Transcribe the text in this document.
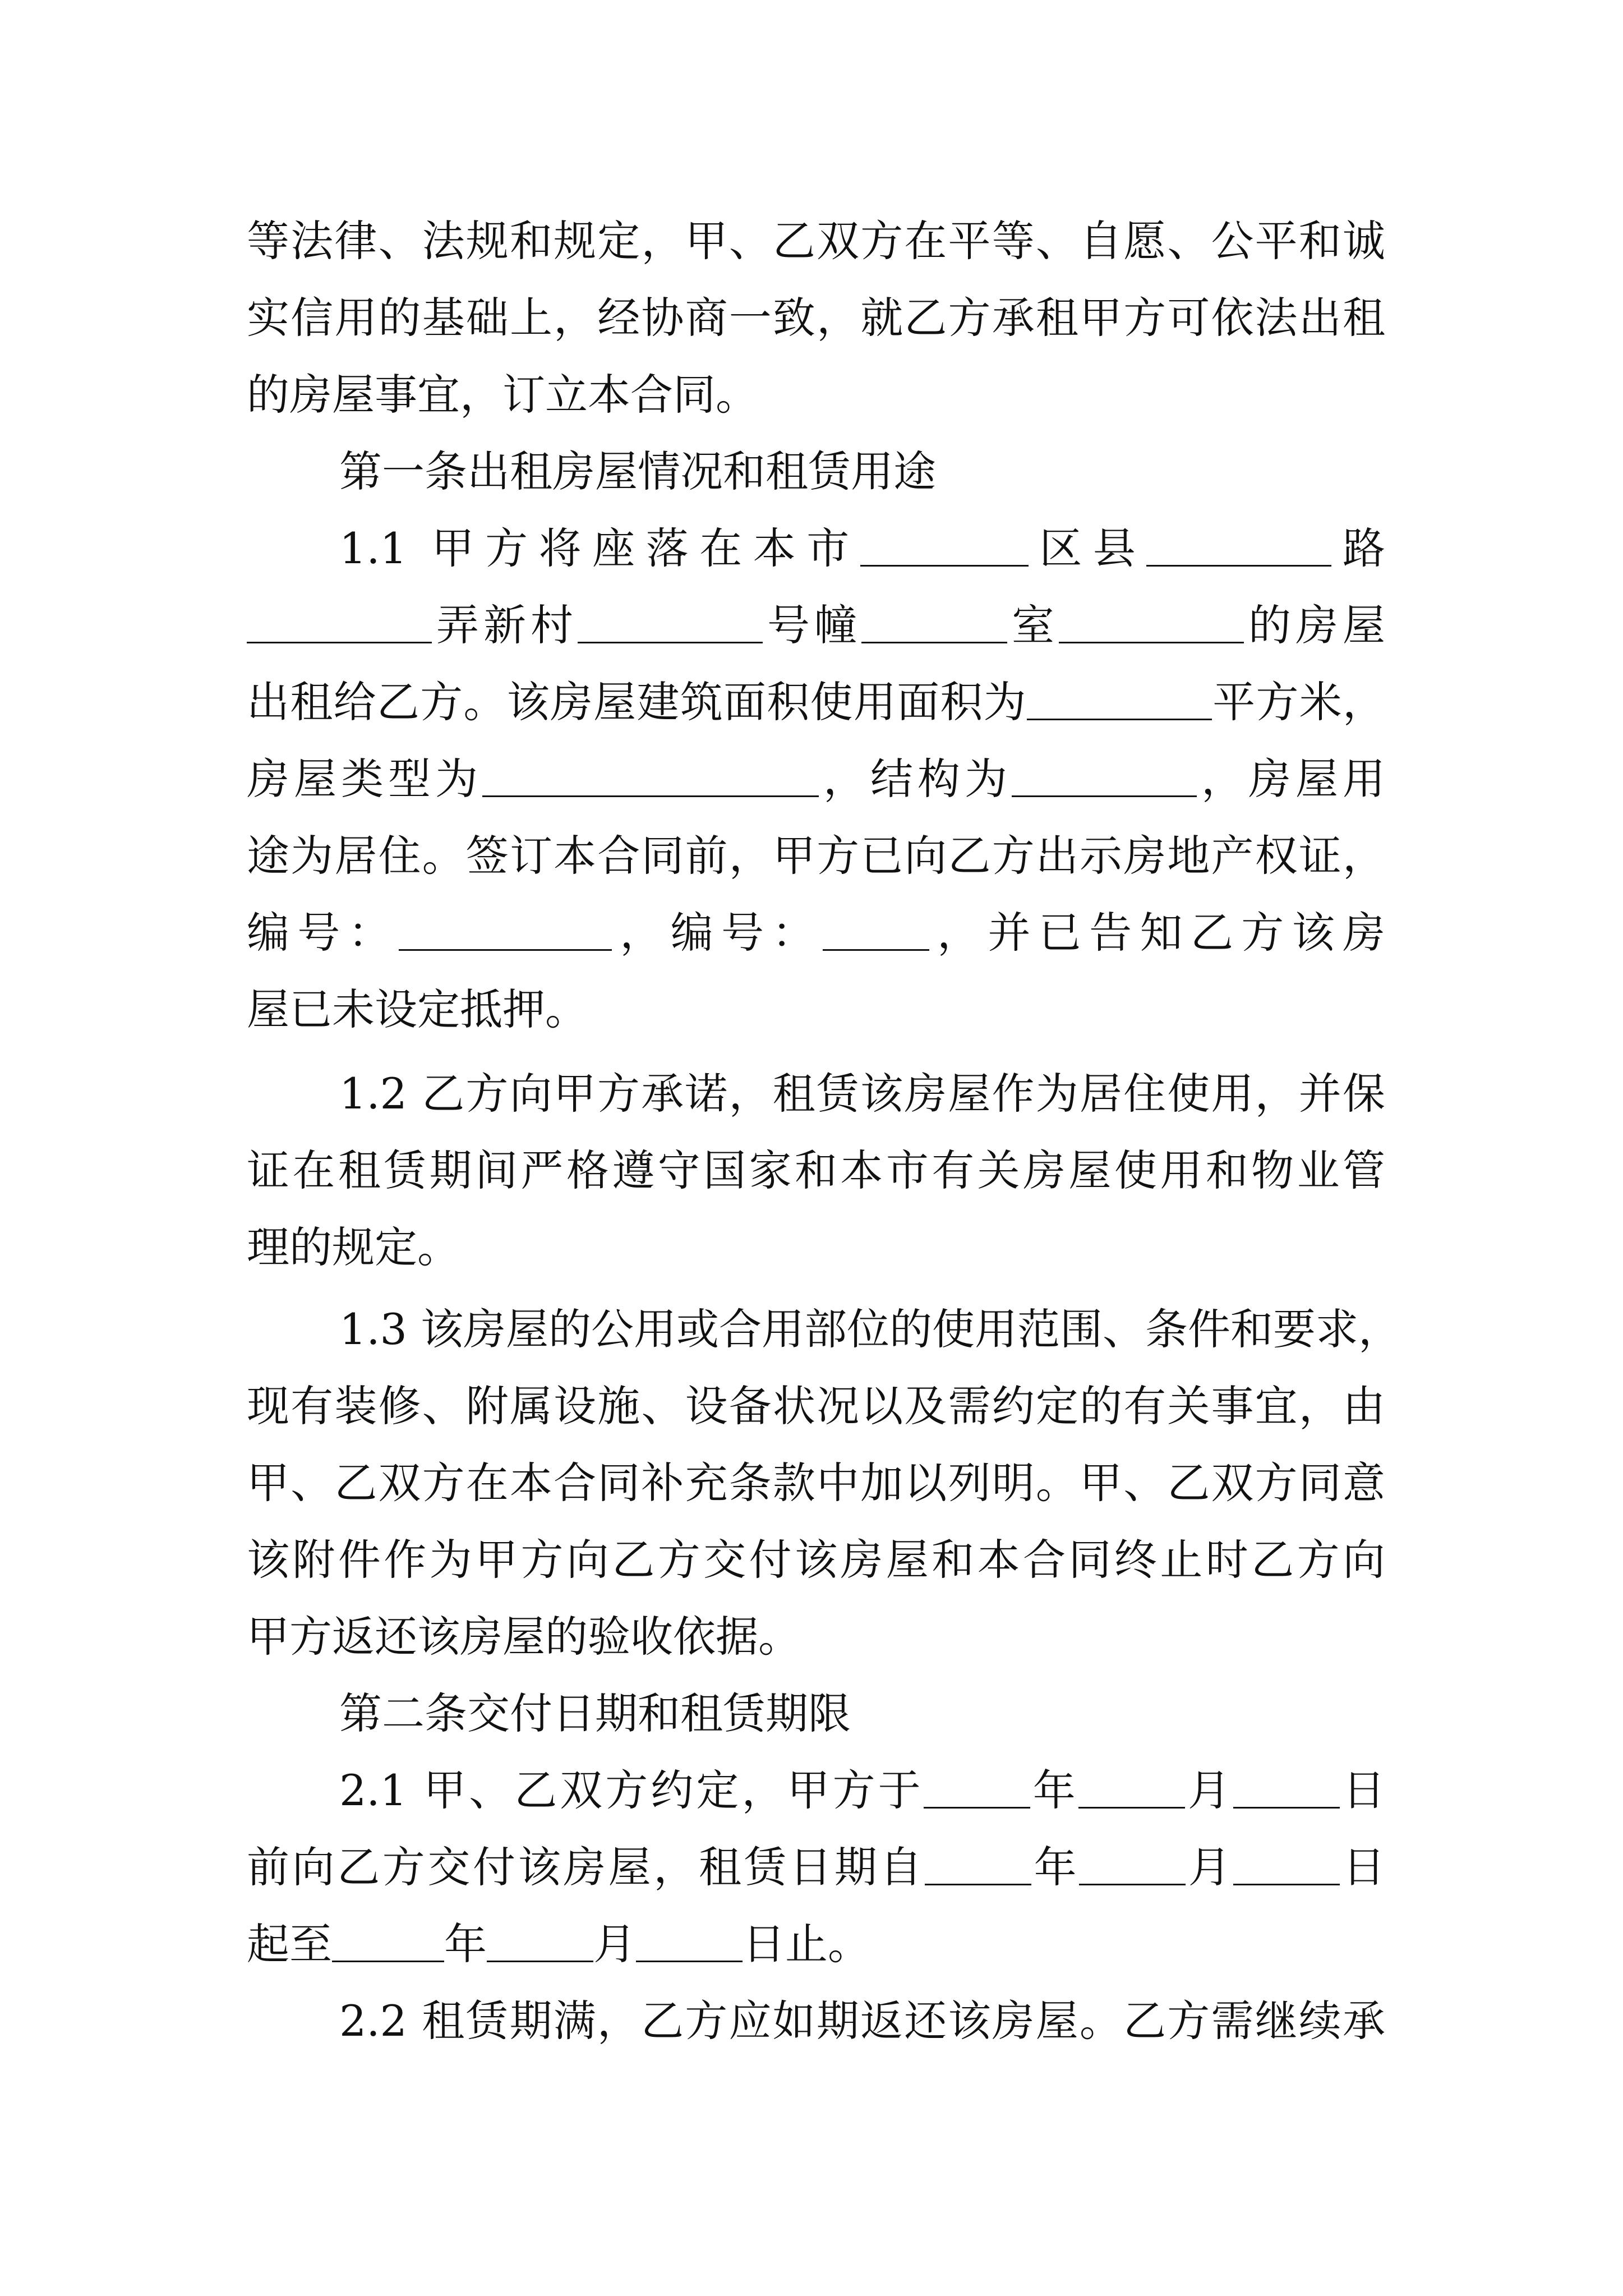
等法律、法规和规定，甲、乙双方在平等、自愿、公平和诚
实信用的基础上，经协商一致，就乙方承租甲方可依法出租
的房屋事宜，订立本合同。
第一条出租房屋情况和租赁用途
1.1 甲方将座落在本市	区县	路
弄新村	号幢	室	的房屋
出租给乙方。该房屋建筑面积使用面积为	平方米，
房屋类型为	，结构为	，房屋用
途为居住。签订本合同前，甲方已向乙方出示房地产权证，
编号：	，编号：	，并已告知乙方该房
屋已未设定抵押。
1.2 乙方向甲方承诺，租赁该房屋作为居住使用，并保
证在租赁期间严格遵守国家和本市有关房屋使用和物业管
理的规定。
1.3 该房屋的公用或合用部位的使用范围、条件和要求，
现有装修、附属设施、设备状况以及需约定的有关事宜，由
甲、乙双方在本合同补充条款中加以列明。甲、乙双方同意
该附件作为甲方向乙方交付该房屋和本合同终止时乙方向
甲方返还该房屋的验收依据。
第二条交付日期和租赁期限
2.1 甲、乙双方约定，甲方于	年	月	日
前向乙方交付该房屋，租赁日期自	年	月	日
起至	年	月	日止。
2.2 租赁期满，乙方应如期返还该房屋。乙方需继续承
